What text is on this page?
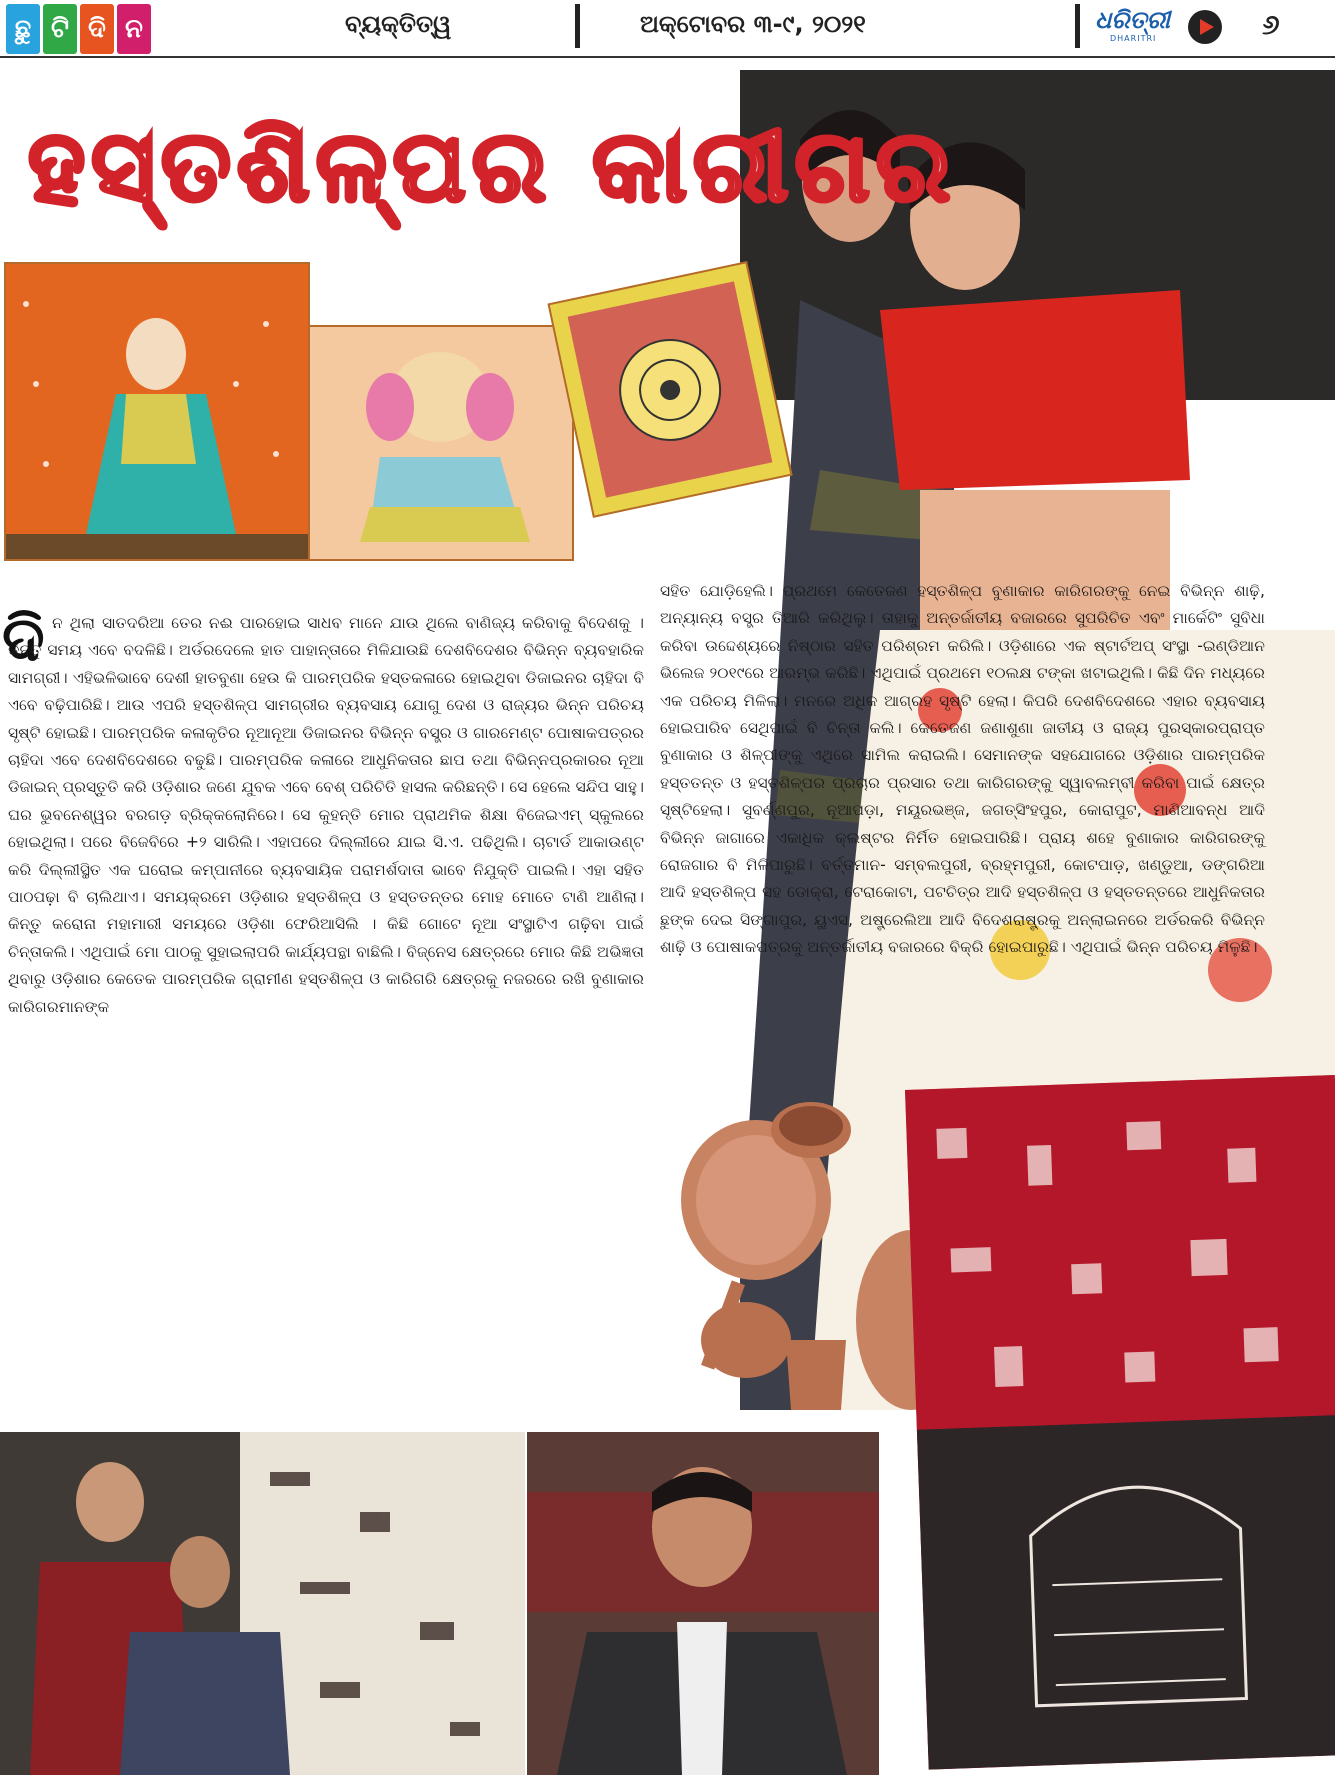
ଛୁ ଟି ଦି ନ	ବ୍ୟକ୍ତିତ୍ୱ	ଅକ୍ଟୋବର ୩-୯, ୨୦୨୧	ଧରିତ୍ରୀ
DHARITRI	୬
ହସ୍ତଶିଳ୍ପର କାରୀଗର
ଦି ନ ଥିଲା ସାତଦରିଆ ତେର ନଈ ପାରହୋଇ ସାଧବ ମାନେ ଯାଉ ଥିଲେ ବାଣିଜ୍ୟ କରିବାକୁ ବିଦେଶକୁ । କିନ୍ତୁ ସମୟ ଏବେ ବଦଳିଛି। ଅର୍ଡରଦେଲେ ହାତ ପାହାନ୍ତାରେ ମିଳିଯାଉଛି ଦେଶବିଦେଶର ବିଭିନ୍ନ ବ୍ୟବହାରିକ ସାମଗ୍ରୀ। ଏହିଭଳିଭାବେ ଦେଶୀ ହାତବୁଣା ହେଉ କି ପାରମ୍ପରିକ ହସ୍ତକଳାରେ ହୋଇଥିବା ଡିଜାଇନର ଚାହିଦା ବି ଏବେ ବଢ଼ିପାରିଛି। ଆଉ ଏପରି ହସ୍ତଶିଳ୍ପ ସାମଗ୍ରୀର ବ୍ୟବସାୟ ଯୋଗୁ ଦେଶ ଓ ରାଜ୍ୟର ଭିନ୍ନ ପରିଚୟ ସୃଷ୍ଟି ହୋଇଛି। ପାରମ୍ପରିକ କଳାକୃତିର ନୂଆନୂଆ ଡିଜାଇନର ବିଭିନ୍ନ ବସ୍ତ୍ର ଓ ଗାରମେଣ୍ଟ ପୋଷାକପତ୍ରର ଚାହିଦା ଏବେ ଦେଶବିଦେଶରେ ବଢୁଛି। ପାରମ୍ପରିକ କଳାରେ ଆଧୁନିକତାର ଛାପ ତଥା ବିଭିନ୍ନପ୍ରକାରର ନୂଆ ଡିଜାଇନ୍ ପ୍ରସ୍ତୁତି କରି ଓଡ଼ିଶାର ଜଣେ ଯୁବକ ଏବେ ବେଶ୍ ପରିଚିତି ହାସଲ କରିଛନ୍ତି। ସେ ହେଲେ ସନ୍ଦିପ ସାହୁ। ଘର ଭୁବନେଶ୍ୱର ବରଗଡ଼ ବ୍ରିକ୍‌କଲୋନିରେ। ସେ କୁହନ୍ତି ମୋର ପ୍ରାଥମିକ ଶିକ୍ଷା ବିଜେଇଏମ୍ ସ୍କୁଲରେ ହୋଇଥିଲା। ପରେ ବିଜେବିରେ +୨ ସାରିଲି। ଏହାପରେ ଦିଲ୍ଲୀରେ ଯାଇ ସି.ଏ. ପଢିଥିଲି। ଚାଟାର୍ଡ ଆକାଉଣ୍ଟ କରି ଦିଲ୍ଲୀସ୍ଥିତ ଏକ ଘରୋଇ କମ୍ପାନୀରେ ବ୍ୟବସାୟିକ ପରାମର୍ଶଦାତା ଭାବେ ନିଯୁକ୍ତି ପାଇଲି। ଏହା ସହିତ ପାଠପଢ଼ା ବି ଚାଲିଥାଏ। ସମୟକ୍ରମେ ଓଡ଼ିଶାର ହସ୍ତଶିଳ୍ପ ଓ ହସ୍ତତନ୍ତର ମୋହ ମୋତେ ଟାଣି ଆଣିଲା। କିନ୍ତୁ କରୋନା ମହାମାରୀ ସମୟରେ ଓଡ଼ିଶା ଫେରିଆସିଲି । କିଛି ଗୋଟେ ନୂଆ ସଂସ୍ଥାଟିଏ ଗଢ଼ିବା ପାଇଁ ଚିନ୍ତାକଲି। ଏଥିପାଇଁ ମୋ ପାଠକୁ ସୁହାଇଲାପରି କାର୍ଯ୍ୟପନ୍ଥା ବାଛିଲି। ବିଜ୍ନେସ କ୍ଷେତ୍ରରେ ମୋର କିଛି ଅଭିଜ୍ଞତା ଥିବାରୁ ଓଡ଼ିଶାର କେତେକ ପାରମ୍ପରିକ ଗ୍ରାମୀଣ ହସ୍ତଶିଳ୍ପ ଓ କାରିଗରି କ୍ଷେତ୍ରକୁ ନଜରରେ ରଖି ବୁଣାକାର କାରିଗରମାନଙ୍କ
ସହିତ ଯୋଡ଼ିହେଲି। ପ୍ରଥମେ କେତେଜଣ ହସ୍ତଶିଳ୍ପ ବୁଣାକାର କାରିଗରଙ୍କୁ ନେଇ ବିଭିନ୍ନ ଶାଢ଼ି, ଅନ୍ୟାନ୍ୟ ବସ୍ତ୍ର ତିଆରି କରିଥିଲୁ। ତାହାକୁ ଅନ୍ତର୍ଜାତୀୟ ବଜାରରେ ସୁପରିଚିତ ଏବଂ ମାର୍କେଟିଂ ସୁବିଧା କରିବା ଉଦ୍ଦେଶ୍ୟରେ ନିଷ୍ଠାର ସହିତ ପରିଶ୍ରମ କରିଲି। ଓଡ଼ିଶାରେ ଏକ ଷ୍ଟାର୍ଟଅପ୍ ସଂସ୍ଥା -ଇଣ୍ଡିଆନ ଭିଲେଜ ୨୦୧୯ରେ ଆରମ୍ଭ କରିଛି। ଏଥିପାଇଁ ପ୍ରଥମେ ୧୦ଲକ୍ଷ ଟଙ୍କା ଖଟାଇଥିଲି। କିଛି ଦିନ ମଧ୍ୟରେ ଏକ ପରିଚୟ ମିଳିଲା। ମନରେ ଅଧିକ ଆଗ୍ରହ ସୃଷ୍ଟି ହେଲା। କିପରି ଦେଶବିଦେଶରେ ଏହାର ବ୍ୟବସାୟ ହୋଇପାରିବ ସେଥିପାଇଁ ବି ଚିନ୍ତା କଲି। କେତେଜଣ ଜଣାଶୁଣା ଜାତୀୟ ଓ ରାଜ୍ୟ ପୁରସ୍କାରପ୍ରାପ୍ତ ବୁଣାକାର ଓ ଶିଳ୍ପୀଙ୍କୁ ଏଥିରେ ସାମିଲ କରାଇଲି। ସେମାନଙ୍କ ସହଯୋଗରେ ଓଡ଼ିଶାର ପାରମ୍ପରିକ ହସ୍ତତନ୍ତ ଓ ହସ୍ତଶିଳ୍ପର ପ୍ରଚାର ପ୍ରସାର ତଥା କାରିଗରଙ୍କୁ ସ୍ୱାବଲମ୍ବୀ କରିବା ପାଇଁ କ୍ଷେତ୍ର ସୃଷ୍ଟିହେଲା। ସୁବର୍ଣ୍ଣପୁର, ନୂଆପଡ଼ା, ମୟୂରଭଞ୍ଜ, ଜଗତ୍‌ସିଂହପୁର, କୋରାପୁଟ, ମାଣିଆବନ୍ଧ ଆଦି ବିଭିନ୍ନ ଜାଗାରେ ଏକାଧିକ କ୍ଲଷ୍ଟର ନିର୍ମିତ ହୋଇପାରିଛି। ପ୍ରାୟ ଶହେ ବୁଣାକାର କାରିଗରଙ୍କୁ ରୋଜଗାର ବି ମିଳିପାରୁଛି। ବର୍ତ୍ତମାନ- ସମ୍ବଲପୁରୀ, ବ୍ରହ୍ମପୁରୀ, କୋଟପାଡ଼, ଖଣ୍ଡୁଆ, ଡଙ୍ଗରିଆ ଆଦି ହସ୍ତଶିଳ୍ପ ସହ ଡୋକ୍ରା, ଟେରାକୋଟା, ପଟଚିତ୍ର ଆଦି ହସ୍ତଶିଳ୍ପ ଓ ହସ୍ତତନ୍ତରେ ଆଧୁନିକତାର ଛୁଙ୍କ ଦେଇ ସିଙ୍ଗାପୁର, ୟୁଏସ, ଅଷ୍ଟ୍ରେଲିଆ ଆଦି ବିଦେଶରାଷ୍ଟ୍ରକୁ ଅନ୍‌ଲାଇନରେ ଅର୍ଡରକରି ବିଭିନ୍ନ ଶାଢ଼ି ଓ ପୋଷାକପତ୍ରକୁ ଅନ୍ତର୍ଜାତୀୟ ବଜାରରେ ବିକ୍ରି ହୋଇପାରୁଛି। ଏଥିପାଇଁ ଭିନ୍ନ ପରିଚୟ ମିଳୁଛି।
